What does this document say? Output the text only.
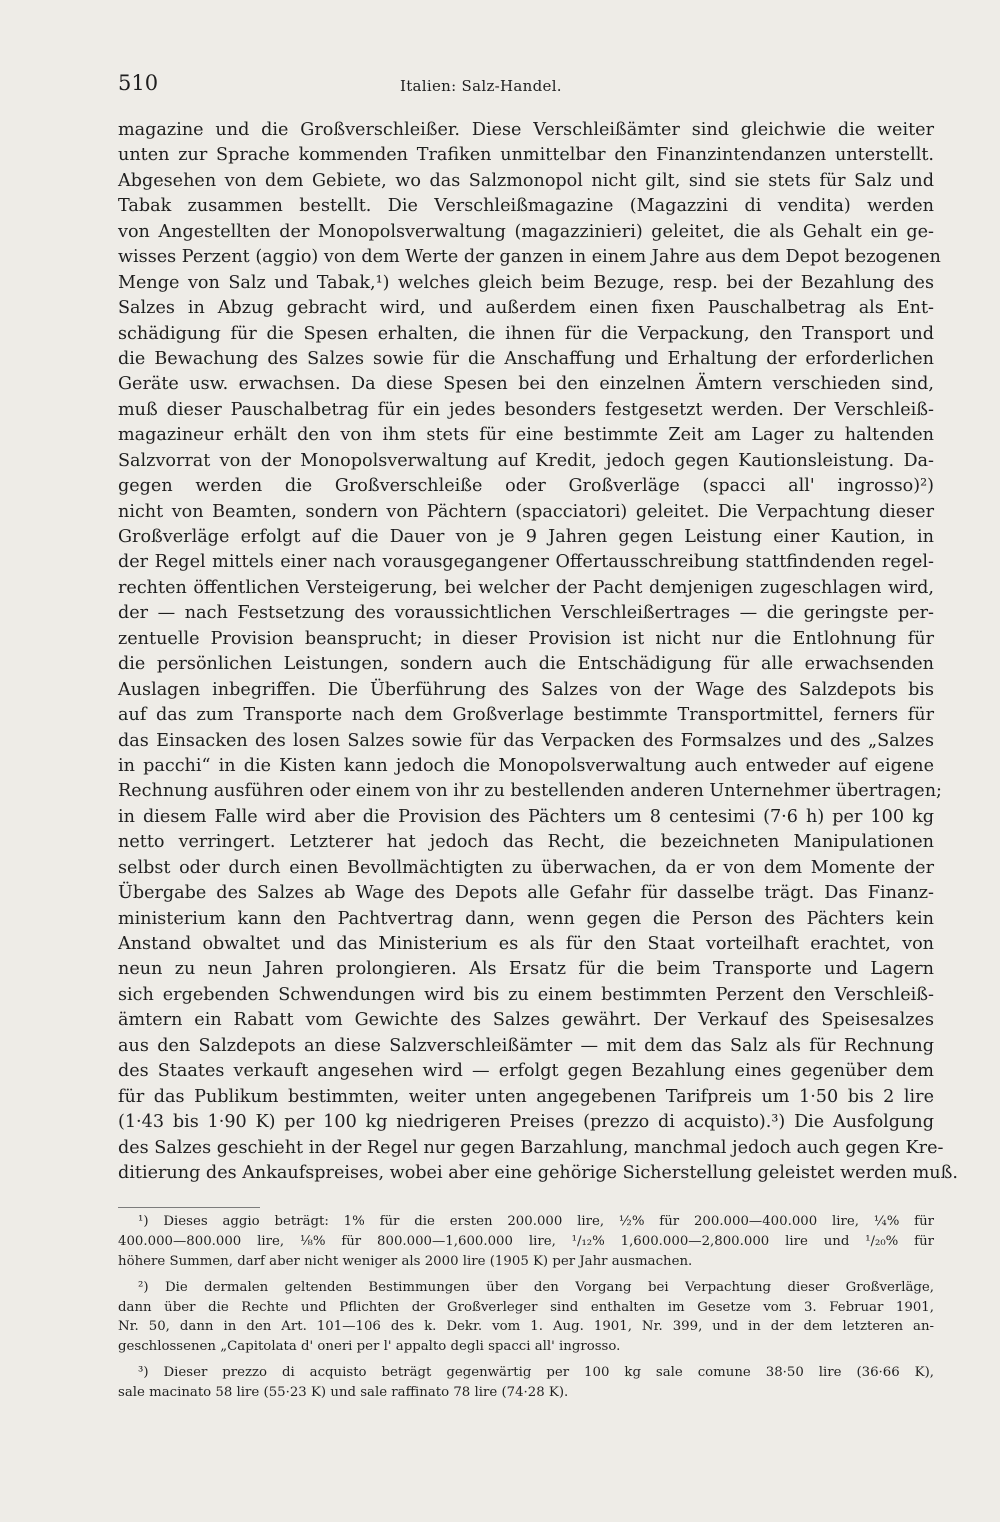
510	Italien: Salz-Handel.
magazine und die Großverschleißer. Diese Verschleißämter sind gleichwie die weiter
unten zur Sprache kommenden Trafiken unmittelbar den Finanzintendanzen unterstellt.
Abgesehen von dem Gebiete, wo das Salzmonopol nicht gilt, sind sie stets für Salz und
Tabak zusammen bestellt. Die Verschleißmagazine (Magazzini di vendita) werden
von Angestellten der Monopolsverwaltung (magazzinieri) geleitet, die als Gehalt ein ge-
wisses Perzent (aggio) von dem Werte der ganzen in einem Jahre aus dem Depot bezogenen
Menge von Salz und Tabak,¹) welches gleich beim Bezuge, resp. bei der Bezahlung des
Salzes in Abzug gebracht wird, und außerdem einen fixen Pauschalbetrag als Ent-
schädigung für die Spesen erhalten, die ihnen für die Verpackung, den Transport und
die Bewachung des Salzes sowie für die Anschaffung und Erhaltung der erforderlichen
Geräte usw. erwachsen. Da diese Spesen bei den einzelnen Ämtern verschieden sind,
muß dieser Pauschalbetrag für ein jedes besonders festgesetzt werden. Der Verschleiß-
magazineur erhält den von ihm stets für eine bestimmte Zeit am Lager zu haltenden
Salzvorrat von der Monopolsverwaltung auf Kredit, jedoch gegen Kautionsleistung. Da-
gegen werden die Großverschleiße oder Großverläge (spacci all' ingrosso)²)
nicht von Beamten, sondern von Pächtern (spacciatori) geleitet. Die Verpachtung dieser
Großverläge erfolgt auf die Dauer von je 9 Jahren gegen Leistung einer Kaution, in
der Regel mittels einer nach vorausgegangener Offertausschreibung stattfindenden regel-
rechten öffentlichen Versteigerung, bei welcher der Pacht demjenigen zugeschlagen wird,
der — nach Festsetzung des voraussichtlichen Verschleißertrages — die geringste per-
zentuelle Provision beansprucht; in dieser Provision ist nicht nur die Entlohnung für
die persönlichen Leistungen, sondern auch die Entschädigung für alle erwachsenden
Auslagen inbegriffen. Die Überführung des Salzes von der Wage des Salzdepots bis
auf das zum Transporte nach dem Großverlage bestimmte Transportmittel, ferners für
das Einsacken des losen Salzes sowie für das Verpacken des Formsalzes und des „Salzes
in pacchi“ in die Kisten kann jedoch die Monopolsverwaltung auch entweder auf eigene
Rechnung ausführen oder einem von ihr zu bestellenden anderen Unternehmer übertragen;
in diesem Falle wird aber die Provision des Pächters um 8 centesimi (7·6 h) per 100 kg
netto verringert. Letzterer hat jedoch das Recht, die bezeichneten Manipulationen
selbst oder durch einen Bevollmächtigten zu überwachen, da er von dem Momente der
Übergabe des Salzes ab Wage des Depots alle Gefahr für dasselbe trägt. Das Finanz-
ministerium kann den Pachtvertrag dann, wenn gegen die Person des Pächters kein
Anstand obwaltet und das Ministerium es als für den Staat vorteilhaft erachtet, von
neun zu neun Jahren prolongieren. Als Ersatz für die beim Transporte und Lagern
sich ergebenden Schwendungen wird bis zu einem bestimmten Perzent den Verschleiß-
ämtern ein Rabatt vom Gewichte des Salzes gewährt. Der Verkauf des Speisesalzes
aus den Salzdepots an diese Salzverschleißämter — mit dem das Salz als für Rechnung
des Staates verkauft angesehen wird — erfolgt gegen Bezahlung eines gegenüber dem
für das Publikum bestimmten, weiter unten angegebenen Tarifpreis um 1·50 bis 2 lire
(1·43 bis 1·90 K) per 100 kg niedrigeren Preises (prezzo di acquisto).³) Die Ausfolgung
des Salzes geschieht in der Regel nur gegen Barzahlung, manchmal jedoch auch gegen Kre-
ditierung des Ankaufspreises, wobei aber eine gehörige Sicherstellung geleistet werden muß.
¹) Dieses aggio beträgt: 1% für die ersten 200.000 lire, ½% für 200.000—400.000 lire, ¼% für
400.000—800.000 lire, ⅛% für 800.000—1,600.000 lire, ¹/₁₂% 1,600.000—2,800.000 lire und ¹/₂₀% für
höhere Summen, darf aber nicht weniger als 2000 lire (1905 K) per Jahr ausmachen.
²) Die dermalen geltenden Bestimmungen über den Vorgang bei Verpachtung dieser Großverläge,
dann über die Rechte und Pflichten der Großverleger sind enthalten im Gesetze vom 3. Februar 1901,
Nr. 50, dann in den Art. 101—106 des k. Dekr. vom 1. Aug. 1901, Nr. 399, und in der dem letzteren an-
geschlossenen „Capitolata d' oneri per l' appalto degli spacci all' ingrosso.
³) Dieser prezzo di acquisto beträgt gegenwärtig per 100 kg sale comune 38·50 lire (36·66 K),
sale macinato 58 lire (55·23 K) und sale raffinato 78 lire (74·28 K).
